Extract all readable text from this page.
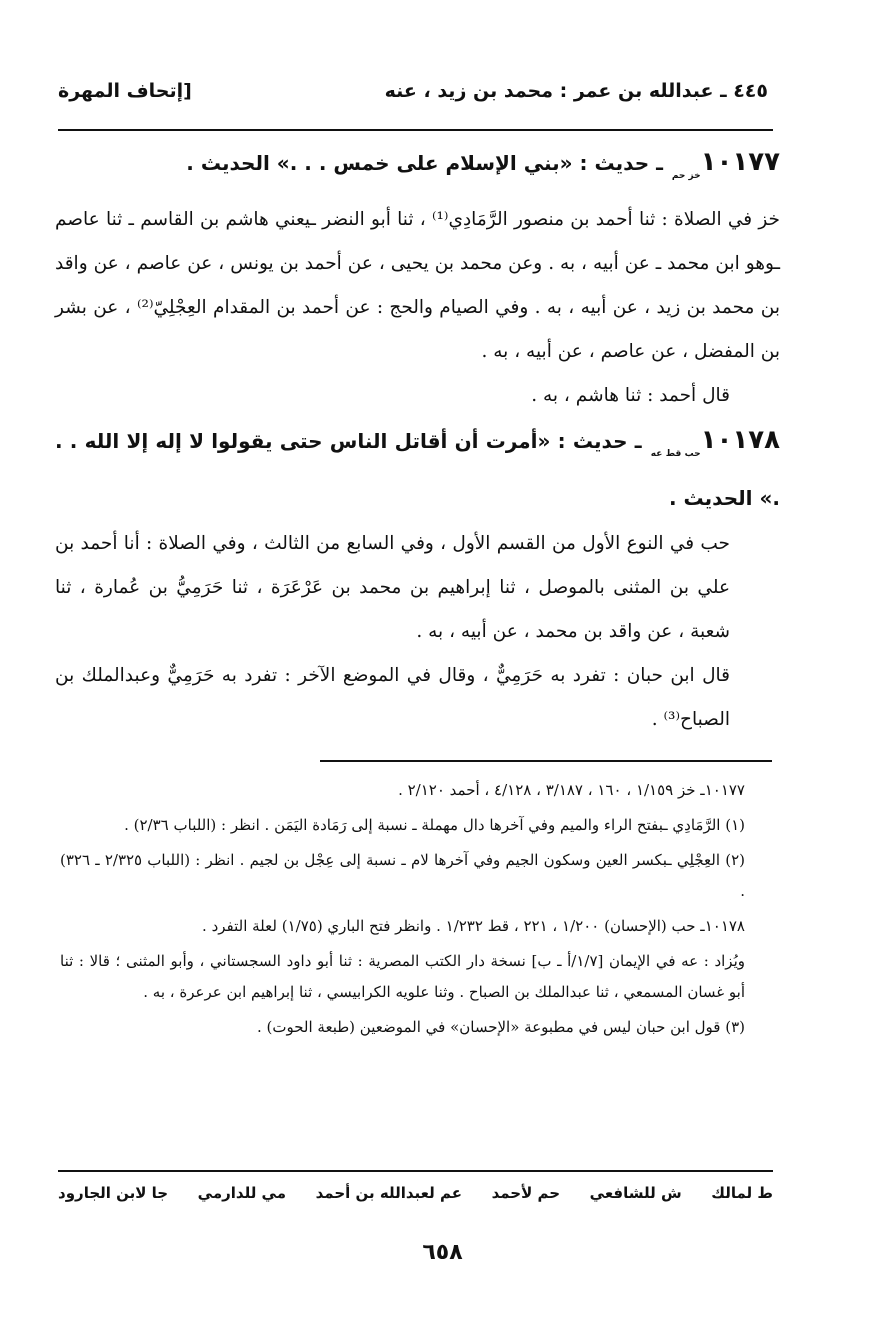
٤٤٥ ـ عبدالله بن عمر : محمد بن زيد ، عنه
[إتحاف المهرة

$١٠١٧٧_{خز حم}$ ـ حديث : «بني الإسلام على خمس . . .» الحديث .

خز في الصلاة : ثنا أحمد بن منصور الرَّمَادِي⁽¹⁾ ، ثنا أبو النضر ـيعني هاشم بن القاسم ـ ثنا عاصم ـوهو ابن محمد ـ عن أبيه ، به . وعن محمد بن يحيى ، عن أحمد بن يونس ، عن عاصم ، عن واقد بن محمد بن زيد ، عن أبيه ، به . وفي الصيام والحج : عن أحمد بن المقدام العِجْلِيّ⁽²⁾ ، عن بشر بن المفضل ، عن عاصم ، عن أبيه ، به .

قال أحمد : ثنا هاشم ، به .

$١٠١٧٨_{حب قط عه}$ ـ حديث : «أمرت أن أقاتل الناس حتى يقولوا لا إله إلا الله . . .» الحديث .

حب في النوع الأول من القسم الأول ، وفي السابع من الثالث ، وفي الصلاة : أنا أحمد بن علي بن المثنى بالموصل ، ثنا إبراهيم بن محمد بن عَرْعَرَة ، ثنا حَرَمِيُّ بن عُمارة ، ثنا شعبة ، عن واقد بن محمد ، عن أبيه ، به .

قال ابن حبان : تفرد به حَرَمِيٌّ ، وقال في الموضع الآخر : تفرد به حَرَمِيٌّ وعبدالملك بن الصباح⁽³⁾ .

١٠١٧٧ـ خز ١/١٥٩ ، ١٦٠ ، ٣/١٨٧ ، ٤/١٢٨ ، أحمد ٢/١٢٠ .

(١) الرَّمَادِي ـبفتح الراء والميم وفي آخرها دال مهملة ـ نسبة إلى رَمَادة اليَمَن . انظر : (اللباب ٢/٣٦) .

(٢) العِجْلِي ـبكسر العين وسكون الجيم وفي آخرها لام ـ نسبة إلى عِجْل بن لجيم . انظر : (اللباب ٢/٣٢٥ ـ ٣٢٦) .

١٠١٧٨ـ حب (الإحسان) ١/٢٠٠ ، ٢٢١ ، قط ١/٢٣٢ . وانظر فتح الباري (١/٧٥) لعلة التفرد .

ويُزاد : عه في الإيمان [١/٧/أ ـ ب] نسخة دار الكتب المصرية : ثنا أبو داود السجستاني ، وأبو المثنى ؛ قالا : ثنا أبو غسان المسمعي ، ثنا عبدالملك بن الصباح . وثنا علويه الكرابيسي ، ثنا إبراهيم ابن عرعرة ، به .

(٣) قول ابن حبان ليس في مطبوعة «الإحسان» في الموضعين (طبعة الحوت) .

ط لمالك
ش للشافعي
حم لأحمد
عم لعبدالله بن أحمد
مي للدارمي
جا لابن الجارود
٦٥٨
